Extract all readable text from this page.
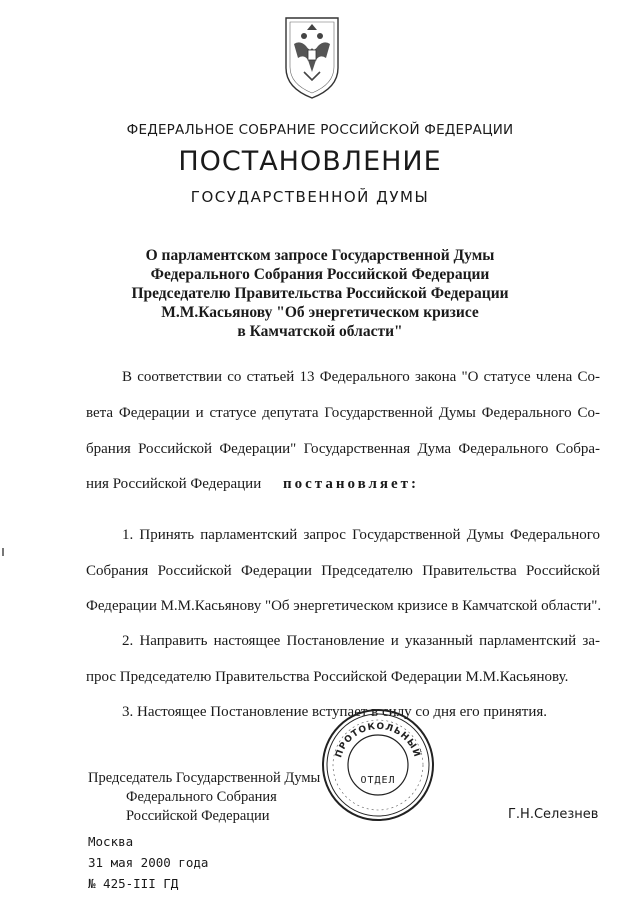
ФЕДЕРАЛЬНОЕ СОБРАНИЕ РОССИЙСКОЙ ФЕДЕРАЦИИ
ПОСТАНОВЛЕНИЕ
ГОСУДАРСТВЕННОЙ ДУМЫ
О парламентском запросе Государственной Думы
Федерального Собрания Российской Федерации
Председателю Правительства Российской Федерации
М.М.Касьянову "Об энергетическом кризисе
в Камчатской области"
В соответствии со статьей 13 Федерального закона "О статусе члена Со-
вета Федерации и статусе депутата Государственной Думы Федерального Со-
брания Российской Федерации" Государственная Дума Федерального Собра-
ния Российской Федерации постановляет:
1. Принять парламентский запрос Государственной Думы Федерального
Собрания Российской Федерации Председателю Правительства Российской
Федерации М.М.Касьянову "Об энергетическом кризисе в Камчатской области".
2. Направить настоящее Постановление и указанный парламентский за-
прос Председателю Правительства Российской Федерации М.М.Касьянову.
3. Настоящее Постановление вступает в силу со дня его принятия.
Председатель Государственной Думы
Федерального Собрания
Российской Федерации	Г.Н.Селезнев
ПРОТОКОЛЬНЫЙ
ОТДЕЛ
Москва
31 мая 2000 года
№ 425-III ГД
